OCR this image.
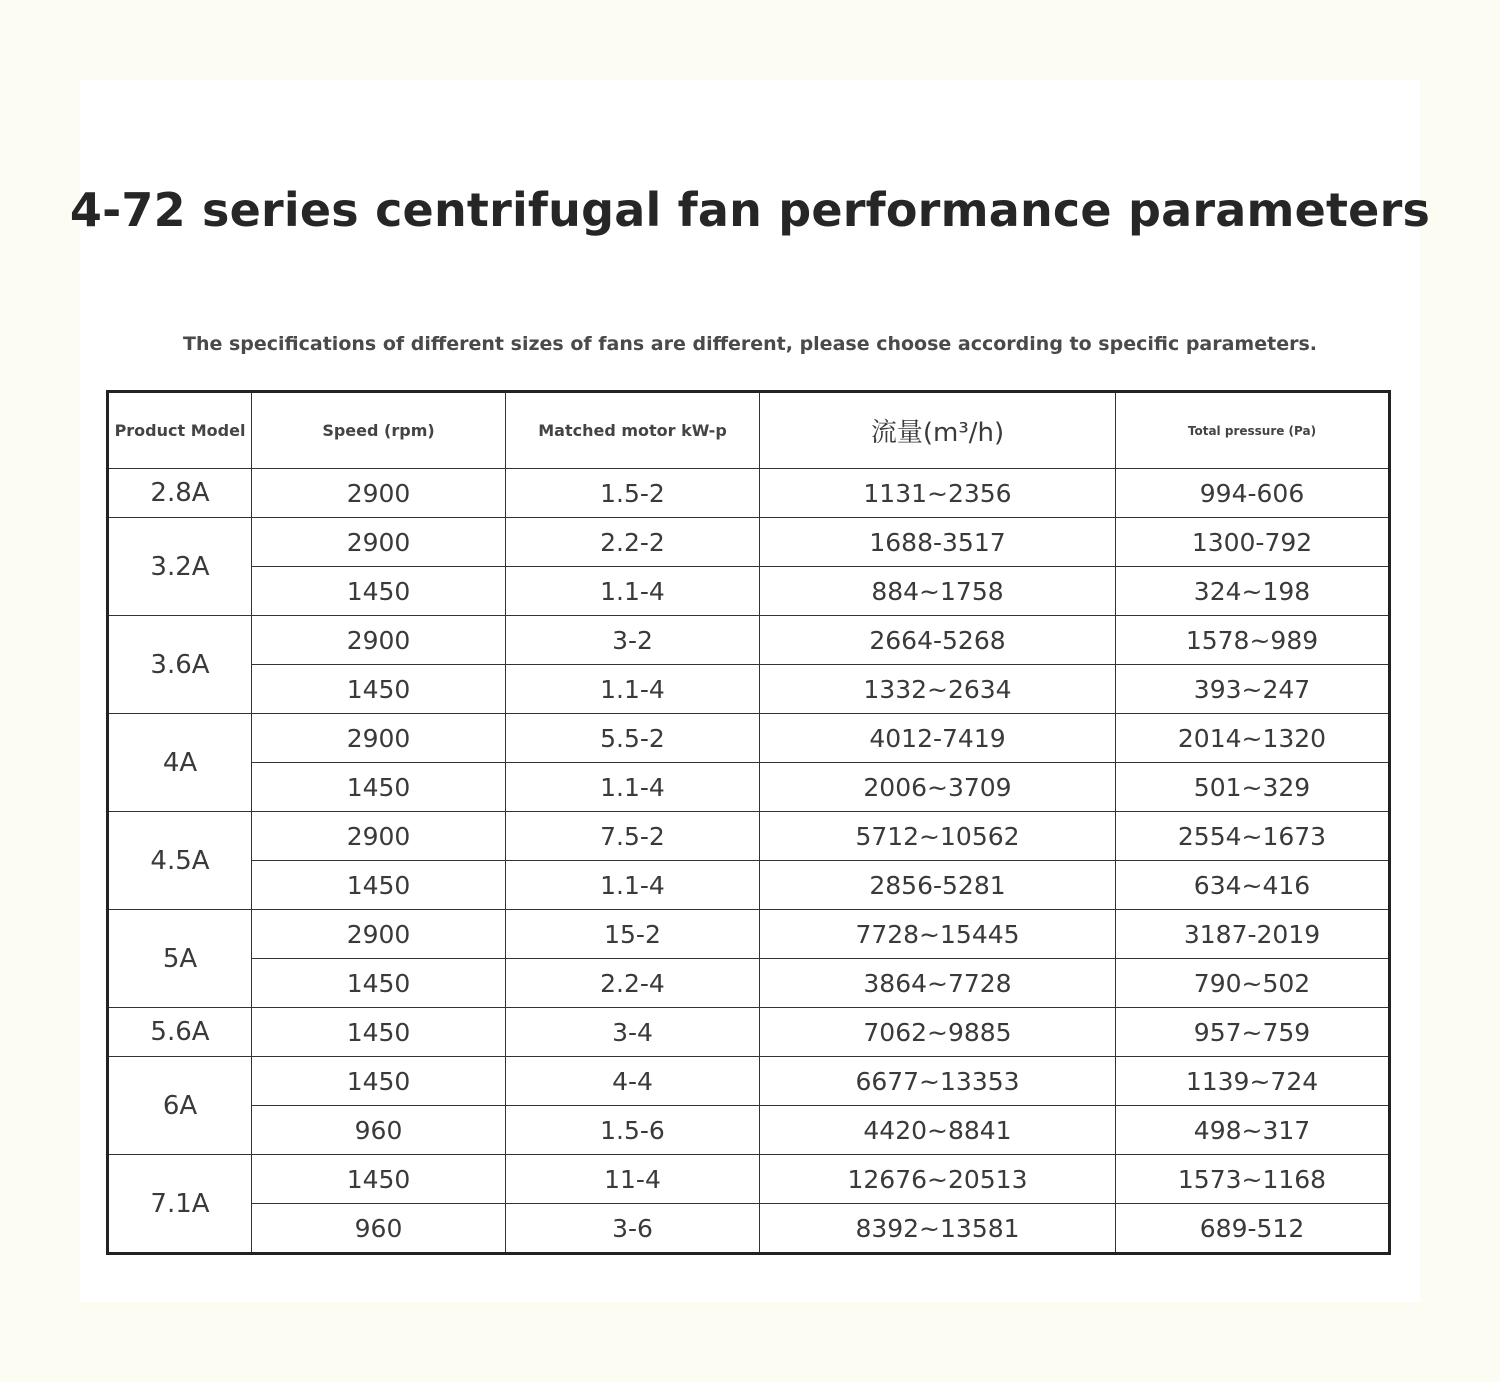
4-72 series centrifugal fan performance parameters

The specifications of different sizes of fans are different, please choose according to specific parameters.

Product Model	Speed (rpm)	Matched motor kW-p	流量(m³/h)	Total pressure (Pa)
2.8A	2900	1.5-2	1131~2356	994-606
3.2A	2900	2.2-2	1688-3517	1300-792
	1450	1.1-4	884~1758	324~198
3.6A	2900	3-2	2664-5268	1578~989
	1450	1.1-4	1332~2634	393~247
4A	2900	5.5-2	4012-7419	2014~1320
	1450	1.1-4	2006~3709	501~329
4.5A	2900	7.5-2	5712~10562	2554~1673
	1450	1.1-4	2856-5281	634~416
5A	2900	15-2	7728~15445	3187-2019
	1450	2.2-4	3864~7728	790~502
5.6A	1450	3-4	7062~9885	957~759
6A	1450	4-4	6677~13353	1139~724
	960	1.5-6	4420~8841	498~317
7.1A	1450	11-4	12676~20513	1573~1168
	960	3-6	8392~13581	689-512
